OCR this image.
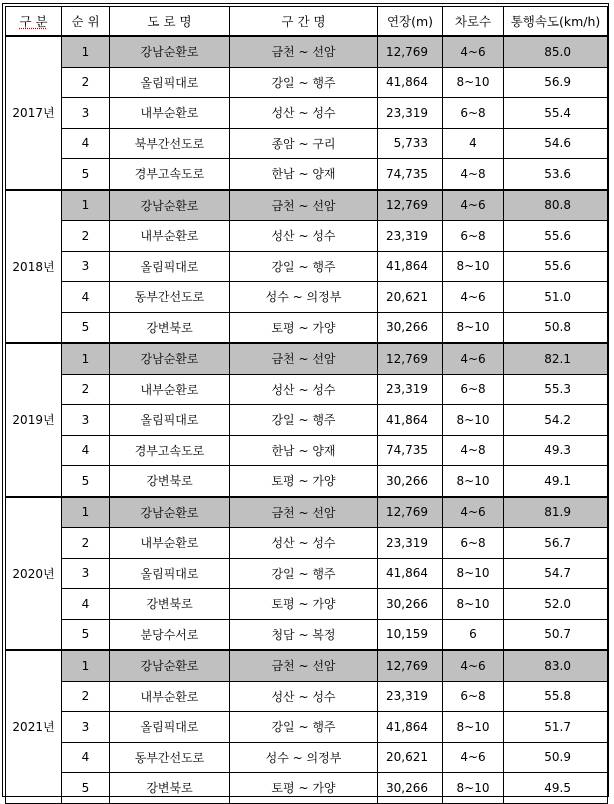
구 분	순 위	도 로 명	구 간 명	연장(m)	차로수	통행속도(km/h)
2017년	1	강남순환로	금천 ~ 선암	12,769	4~6	85.0
	2	올림픽대로	강일 ~ 행주	41,864	8~10	56.9
	3	내부순환로	성산 ~ 성수	23,319	6~8	55.4
	4	북부간선도로	종암 ~ 구리	5,733	4	54.6
	5	경부고속도로	한남 ~ 양재	74,735	4~8	53.6
2018년	1	강남순환로	금천 ~ 선암	12,769	4~6	80.8
	2	내부순환로	성산 ~ 성수	23,319	6~8	55.6
	3	올림픽대로	강일 ~ 행주	41,864	8~10	55.6
	4	동부간선도로	성수 ~ 의정부	20,621	4~6	51.0
	5	강변북로	토평 ~ 가양	30,266	8~10	50.8
2019년	1	강남순환로	금천 ~ 선암	12,769	4~6	82.1
	2	내부순환로	성산 ~ 성수	23,319	6~8	55.3
	3	올림픽대로	강일 ~ 행주	41,864	8~10	54.2
	4	경부고속도로	한남 ~ 양재	74,735	4~8	49.3
	5	강변북로	토평 ~ 가양	30,266	8~10	49.1
2020년	1	강남순환로	금천 ~ 선암	12,769	4~6	81.9
	2	내부순환로	성산 ~ 성수	23,319	6~8	56.7
	3	올림픽대로	강일 ~ 행주	41,864	8~10	54.7
	4	강변북로	토평 ~ 가양	30,266	8~10	52.0
	5	분당수서로	청담 ~ 복정	10,159	6	50.7
2021년	1	강남순환로	금천 ~ 선암	12,769	4~6	83.0
	2	내부순환로	성산 ~ 성수	23,319	6~8	55.8
	3	올림픽대로	강일 ~ 행주	41,864	8~10	51.7
	4	동부간선도로	성수 ~ 의정부	20,621	4~6	50.9
	5	강변북로	토평 ~ 가양	30,266	8~10	49.5
